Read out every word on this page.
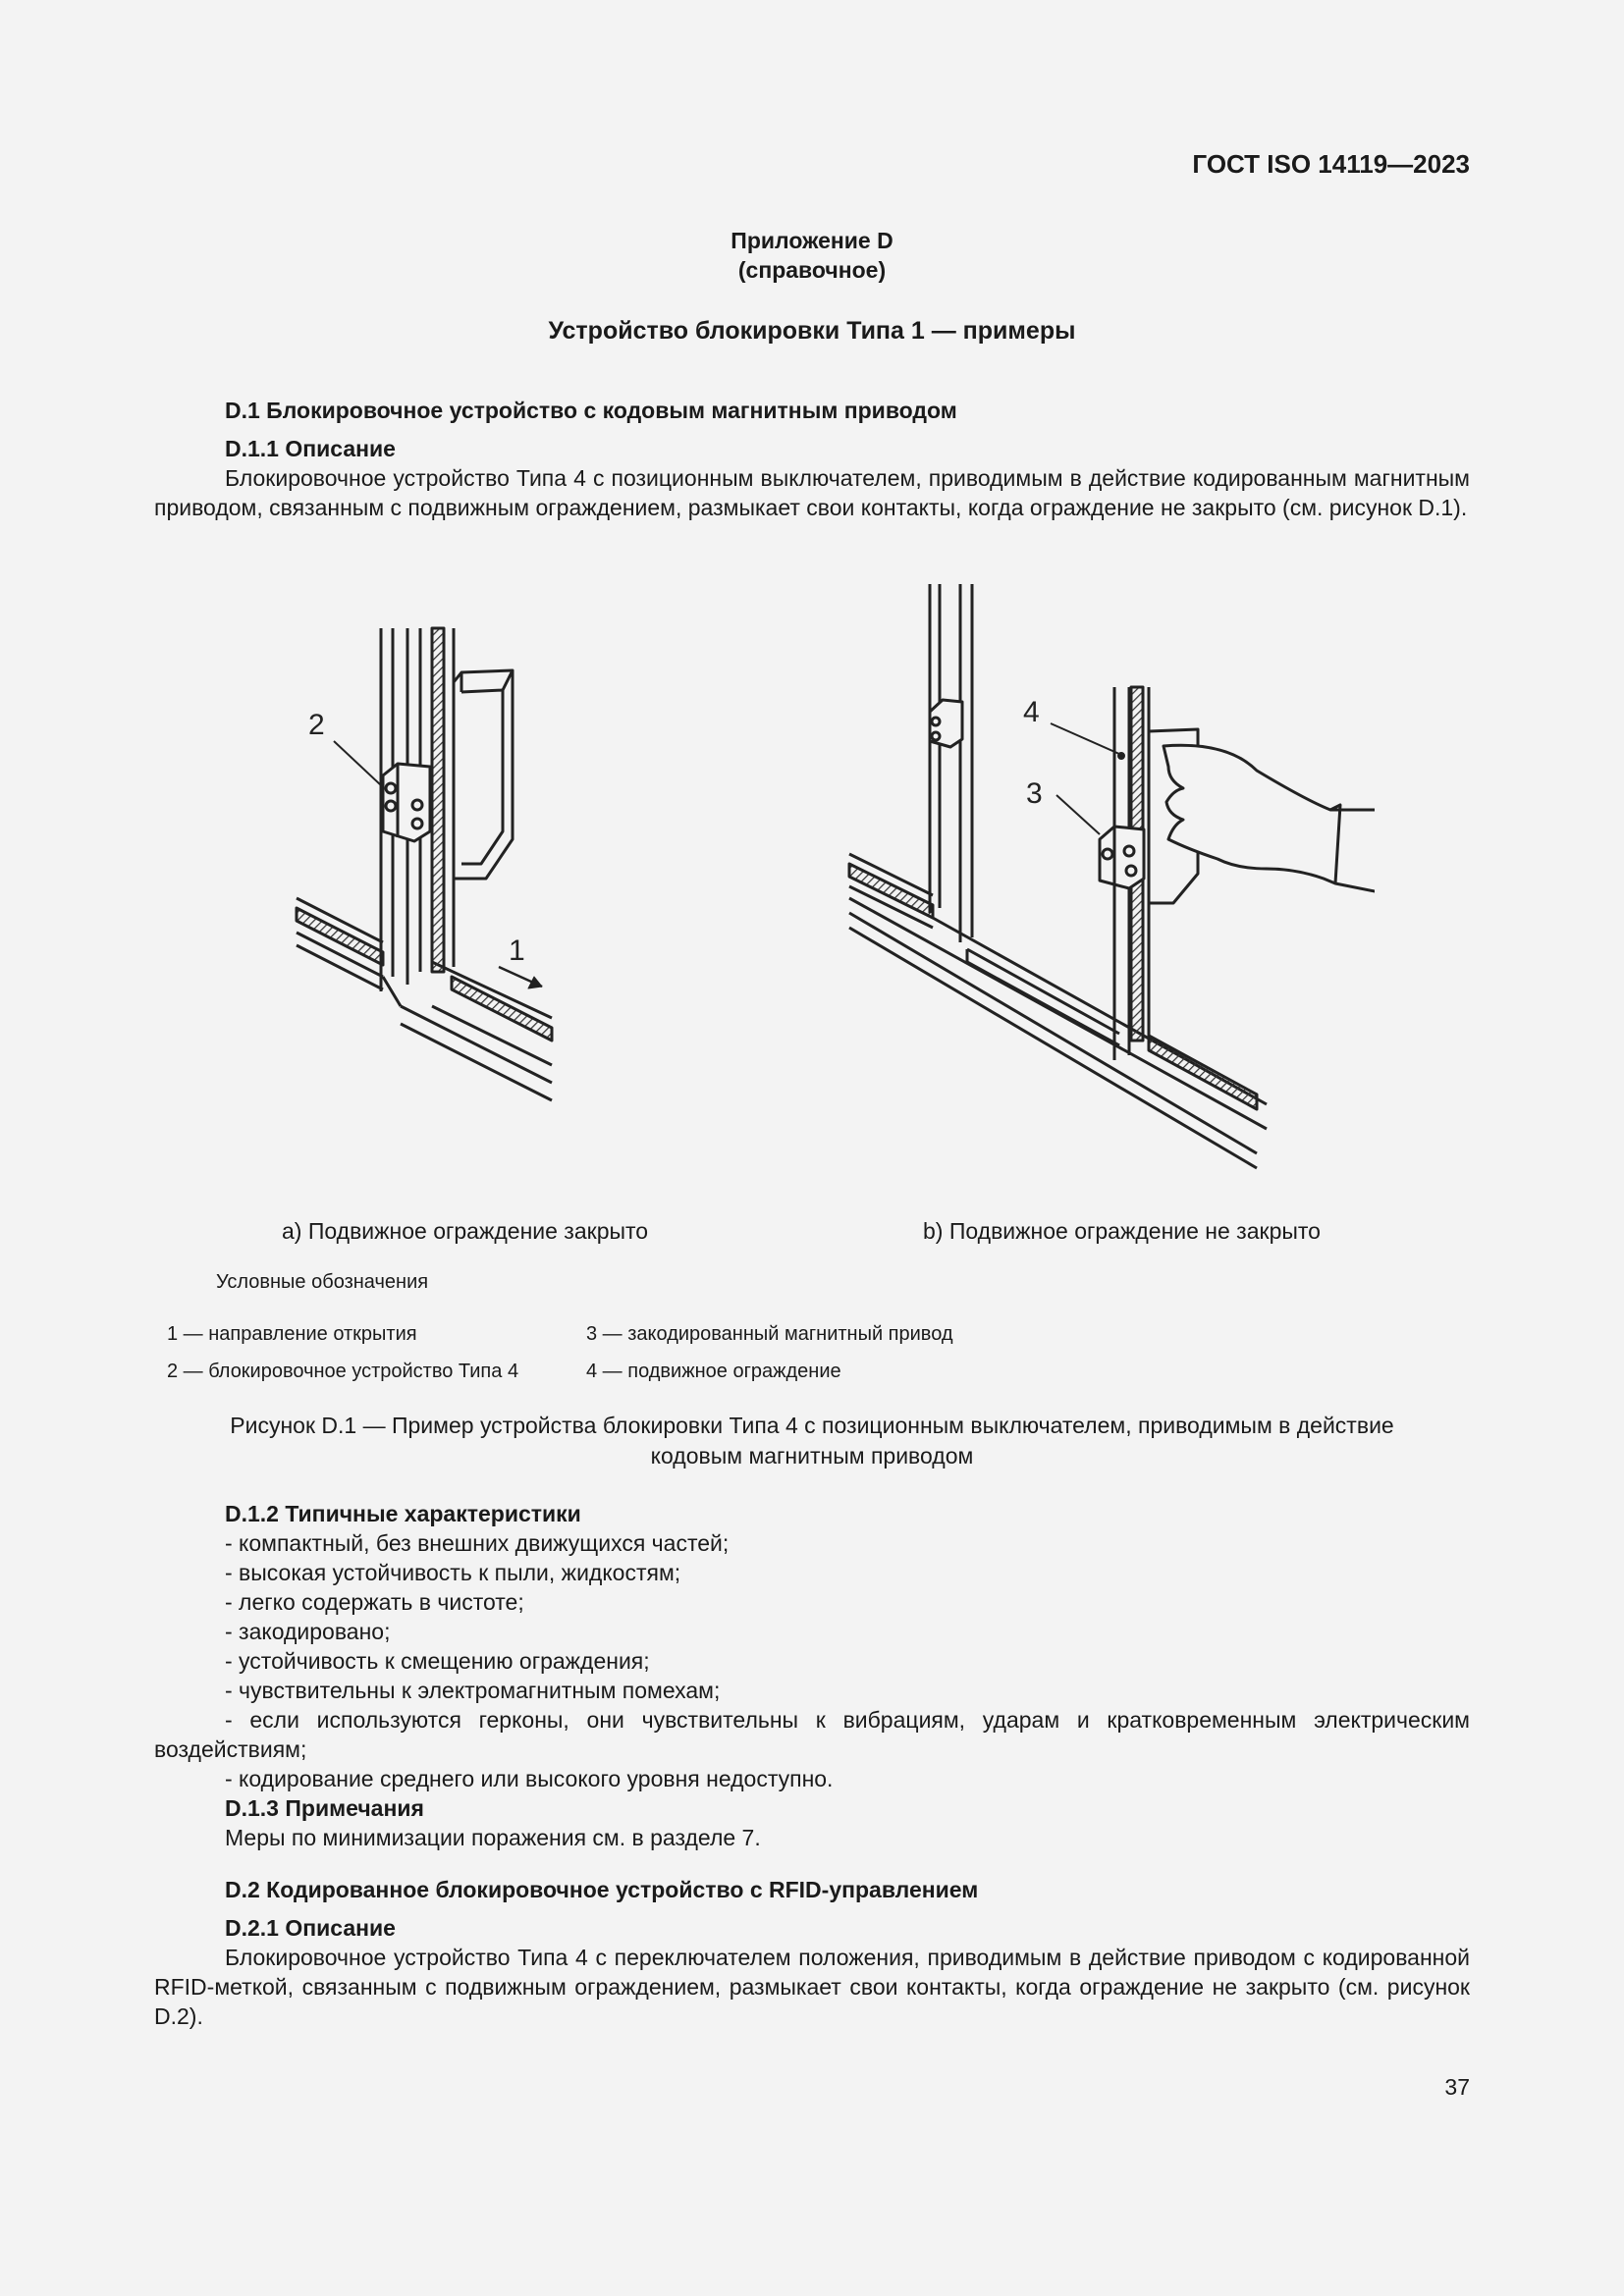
ГОСТ ISO 14119—2023
Приложение D
(справочное)
Устройство блокировки Типа 1 — примеры

D.1 Блокировочное устройство с кодовым магнитным приводом

D.1.1 Описание

Блокировочное устройство Типа 4 с позиционным выключателем, приводимым в действие кодированным магнитным приводом, связанным с подвижным ограждением, размыкает свои контакты, когда ограждение не закрыто (см. рисунок D.1).

2
1
4
3
а) Подвижное ограждение закрыто	b) Подвижное ограждение не закрыто
Условные обозначения
1 — направление открытия
2 — блокировочное устройство Типа 4
3 — закодированный магнитный привод
4 — подвижное ограждение
Рисунок D.1 — Пример устройства блокировки Типа 4 с позиционным выключателем, приводимым в действие
кодовым магнитным приводом

D.1.2 Типичные характеристики

- компактный, без внешних движущихся частей;

- высокая устойчивость к пыли, жидкостям;

- легко содержать в чистоте;

- закодировано;

- устойчивость к смещению ограждения;

- чувствительны к электромагнитным помехам;

- если используются герконы, они чувствительны к вибрациям, ударам и кратковременным электрическим воздействиям;

- кодирование среднего или высокого уровня недоступно.

D.1.3 Примечания

Меры по минимизации поражения см. в разделе 7.

D.2 Кодированное блокировочное устройство с RFID-управлением

D.2.1 Описание

Блокировочное устройство Типа 4 с переключателем положения, приводимым в действие приводом с кодированной RFID-меткой, связанным с подвижным ограждением, размыкает свои контакты, когда ограждение не закрыто (см. рисунок D.2).

37
